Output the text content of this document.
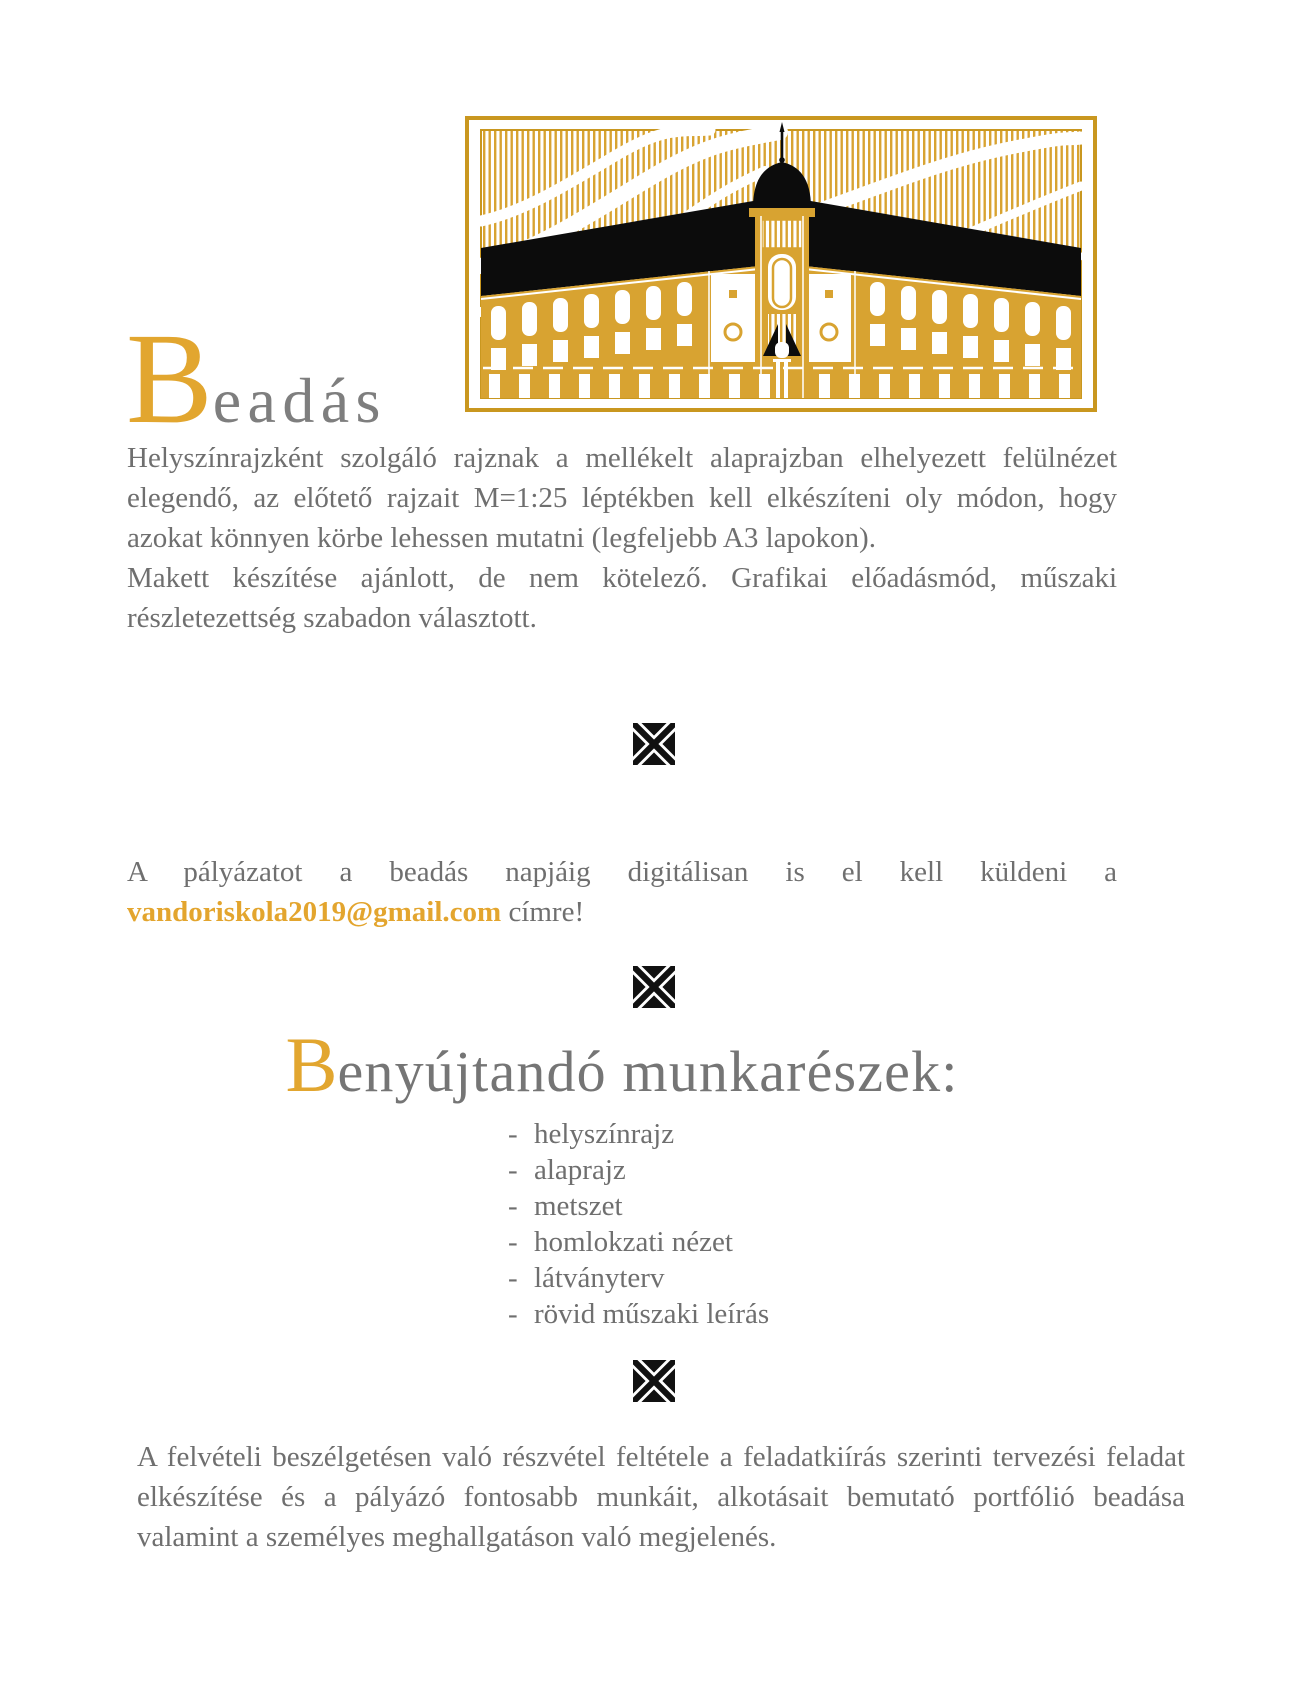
Beadás

Helyszínrajzként szolgáló rajznak a mellékelt alaprajzban elhelyezett felülnézet elegendő, az előtető rajzait M=1:25 léptékben kell elkészíteni oly módon, hogy azokat könnyen körbe lehessen mutatni (legfeljebb A3 lapokon).

Makett készítése ajánlott, de nem kötelező. Grafikai előadásmód, műszaki részletezettség szabadon választott.

A pályázatot a beadás napjáig digitálisan is el kell küldeni a vandoriskola2019@gmail.com címre!

Benyújtandó munkarészek:
- helyszínrajz
- alaprajz
- metszet
- homlokzati nézet
- látványterv
- rövid műszaki leírás

A felvételi beszélgetésen való részvétel feltétele a feladatkiírás szerinti tervezési feladat elkészítése és a pályázó fontosabb munkáit, alkotásait bemutató portfólió beadása valamint a személyes meghallgatáson való megjelenés.
